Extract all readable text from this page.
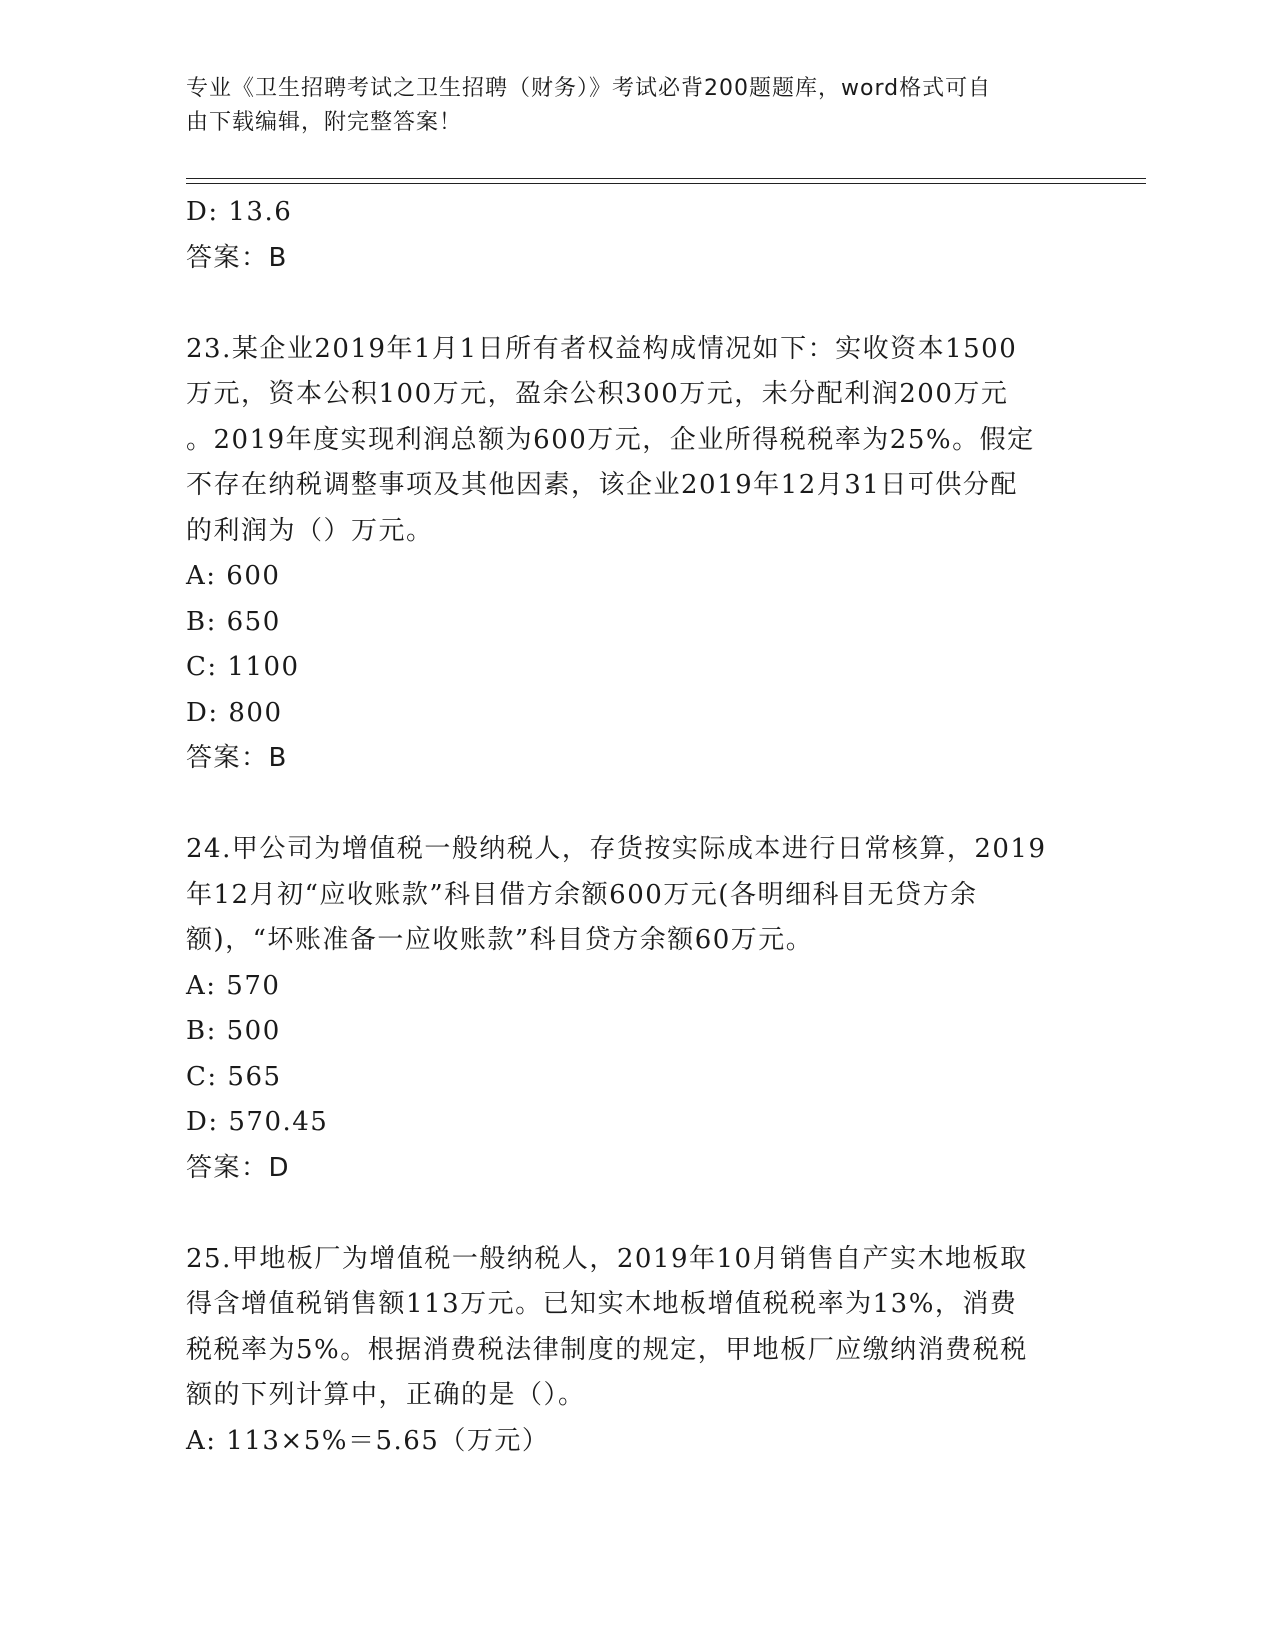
专业《卫生招聘考试之卫生招聘（财务）》考试必背200题题库，word格式可自
由下载编辑，附完整答案！
D: 13.6
答案：B
23.某企业2019年1月1日所有者权益构成情况如下：实收资本1500
万元，资本公积100万元，盈余公积300万元，未分配利润200万元
。2019年度实现利润总额为600万元，企业所得税税率为25%。假定
不存在纳税调整事项及其他因素，该企业2019年12月31日可供分配
的利润为（）万元。
A: 600
B: 650
C: 1100
D: 800
答案：B
24.甲公司为增值税一般纳税人，存货按实际成本进行日常核算，2019
年12月初“应收账款”科目借方余额600万元(各明细科目无贷方余
额)，“坏账准备一应收账款”科目贷方余额60万元。
A: 570
B: 500
C: 565
D: 570.45
答案：D
25.甲地板厂为增值税一般纳税人，2019年10月销售自产实木地板取
得含增值税销售额113万元。已知实木地板增值税税率为13%，消费
税税率为5%。根据消费税法律制度的规定，甲地板厂应缴纳消费税税
额的下列计算中，正确的是（）。
A: 113×5%＝5.65（万元）
